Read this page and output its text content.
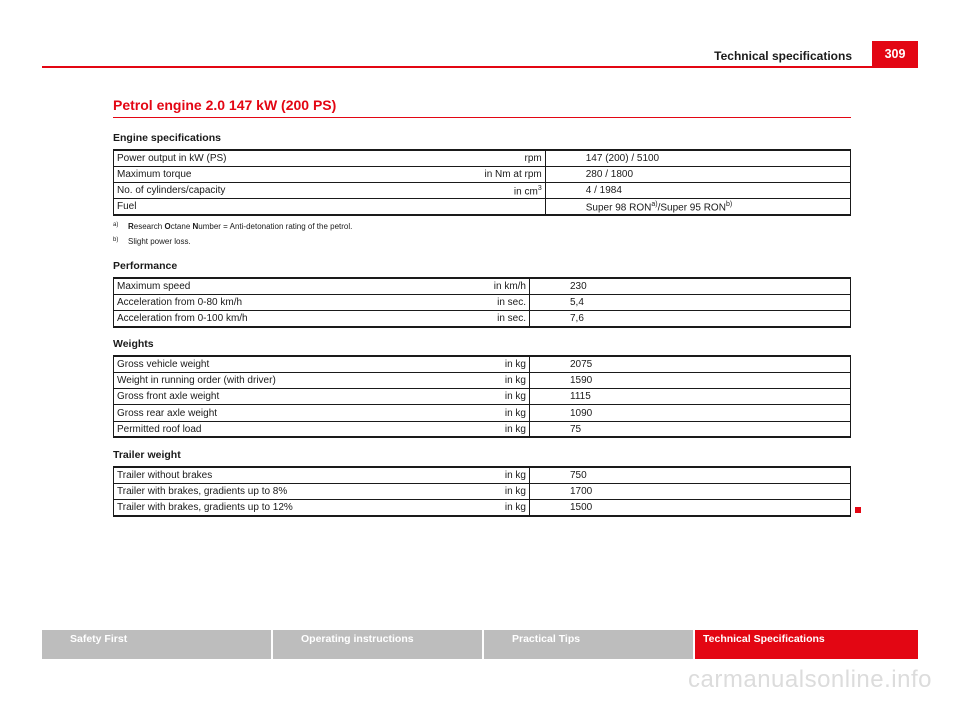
Technical specifications	309
Petrol engine 2.0 147 kW (200 PS)
Engine specifications
Power output in kW (PS)	rpm	147 (200) / 5100
Maximum torque	in Nm at rpm	280 / 1800
No. of cylinders/capacity	in $cm^3$	4 / 1984
Fuel		Super 98 RON$^{a)}$/Super 95 RON$^{b)}$
a)	Research Octane Number = Anti-detonation rating of the petrol.
b)	Slight power loss.
Performance
Maximum speed	in km/h	230
Acceleration from 0-80 km/h	in sec.	5,4
Acceleration from 0-100 km/h	in sec.	7,6
Weights
Gross vehicle weight	in kg	2075
Weight in running order (with driver)	in kg	1590
Gross front axle weight	in kg	1115
Gross rear axle weight	in kg	1090
Permitted roof load	in kg	75
Trailer weight
Trailer without brakes	in kg	750
Trailer with brakes, gradients up to 8%	in kg	1700
Trailer with brakes, gradients up to 12%	in kg	1500
Safety First	Operating instructions	Practical Tips	Technical Specifications
carmanualsonline.info
